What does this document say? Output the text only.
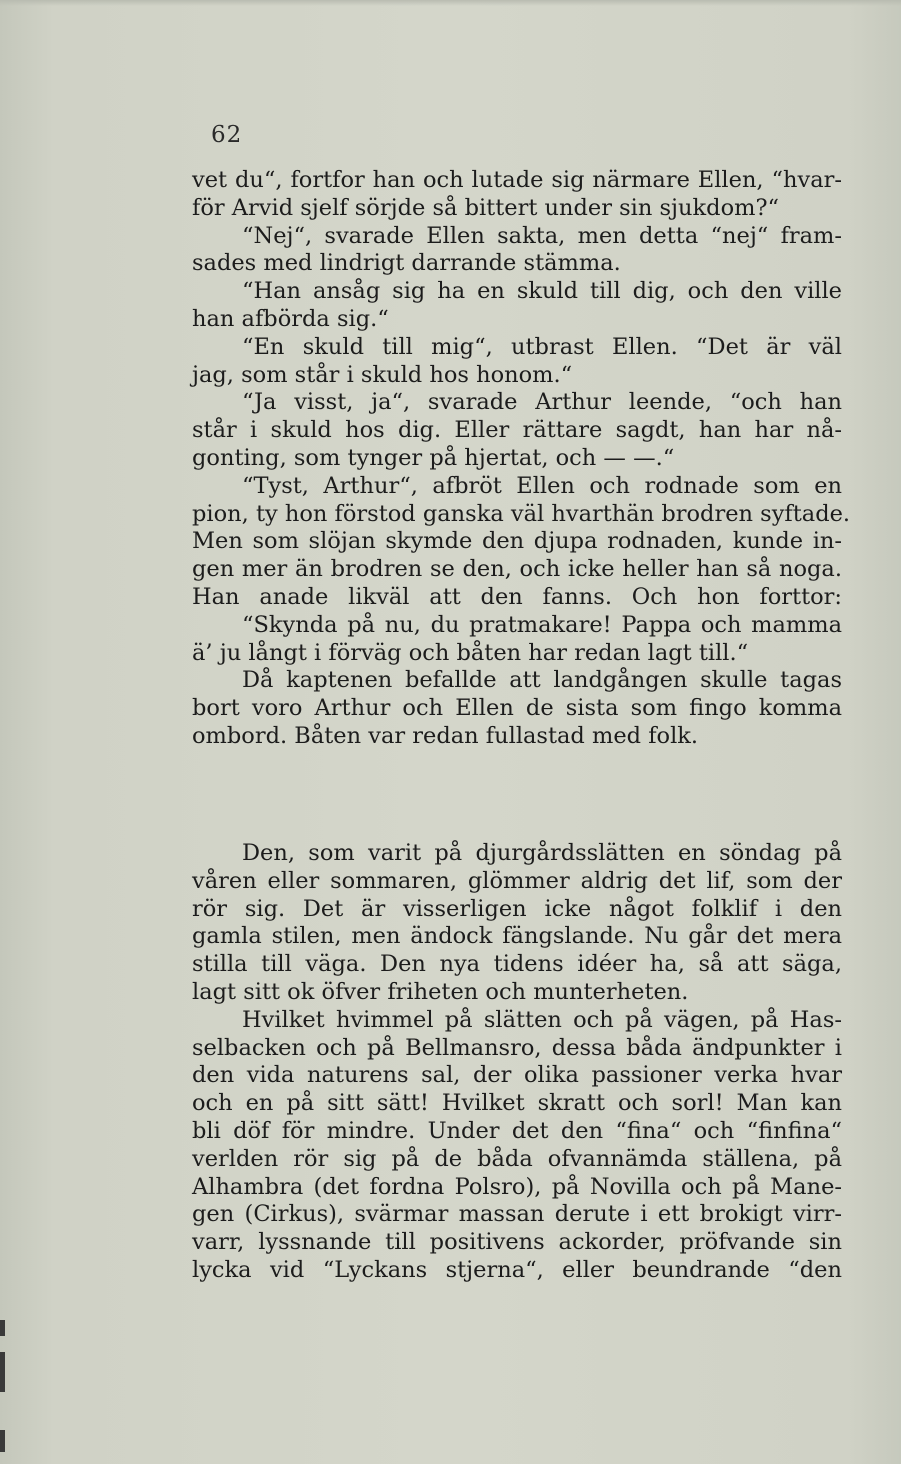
62
vet du“, fortfor han och lutade sig närmare Ellen, “hvar-
för Arvid sjelf sörjde så bittert under sin sjukdom?“
“Nej“, svarade Ellen sakta, men detta “nej“ fram-
sades med lindrigt darrande stämma.
“Han ansåg sig ha en skuld till dig, och den ville
han afbörda sig.“
“En skuld till mig“, utbrast Ellen. “Det är väl
jag, som står i skuld hos honom.“
“Ja visst, ja“, svarade Arthur leende, “och han
står i skuld hos dig. Eller rättare sagdt, han har nå-
gonting, som tynger på hjertat, och — —.“
“Tyst, Arthur“, afbröt Ellen och rodnade som en
pion, ty hon förstod ganska väl hvarthän brodren syftade.
Men som slöjan skymde den djupa rodnaden, kunde in-
gen mer än brodren se den, och icke heller han så noga.
Han anade likväl att den fanns. Och hon forttor:
“Skynda på nu, du pratmakare! Pappa och mamma
ä’ ju långt i förväg och båten har redan lagt till.“
Då kaptenen befallde att landgången skulle tagas
bort voro Arthur och Ellen de sista som fingo komma
ombord. Båten var redan fullastad med folk.
Den, som varit på djurgårdsslätten en söndag på
våren eller sommaren, glömmer aldrig det lif, som der
rör sig. Det är visserligen icke något folklif i den
gamla stilen, men ändock fängslande. Nu går det mera
stilla till väga. Den nya tidens idéer ha, så att säga,
lagt sitt ok öfver friheten och munterheten.
Hvilket hvimmel på slätten och på vägen, på Has-
selbacken och på Bellmansro, dessa båda ändpunkter i
den vida naturens sal, der olika passioner verka hvar
och en på sitt sätt! Hvilket skratt och sorl! Man kan
bli döf för mindre. Under det den “fina“ och “finfina“
verlden rör sig på de båda ofvannämda ställena, på
Alhambra (det fordna Polsro), på Novilla och på Mane-
gen (Cirkus), svärmar massan derute i ett brokigt virr-
varr, lyssnande till positivens ackorder, pröfvande sin
lycka vid “Lyckans stjerna“, eller beundrande “den
